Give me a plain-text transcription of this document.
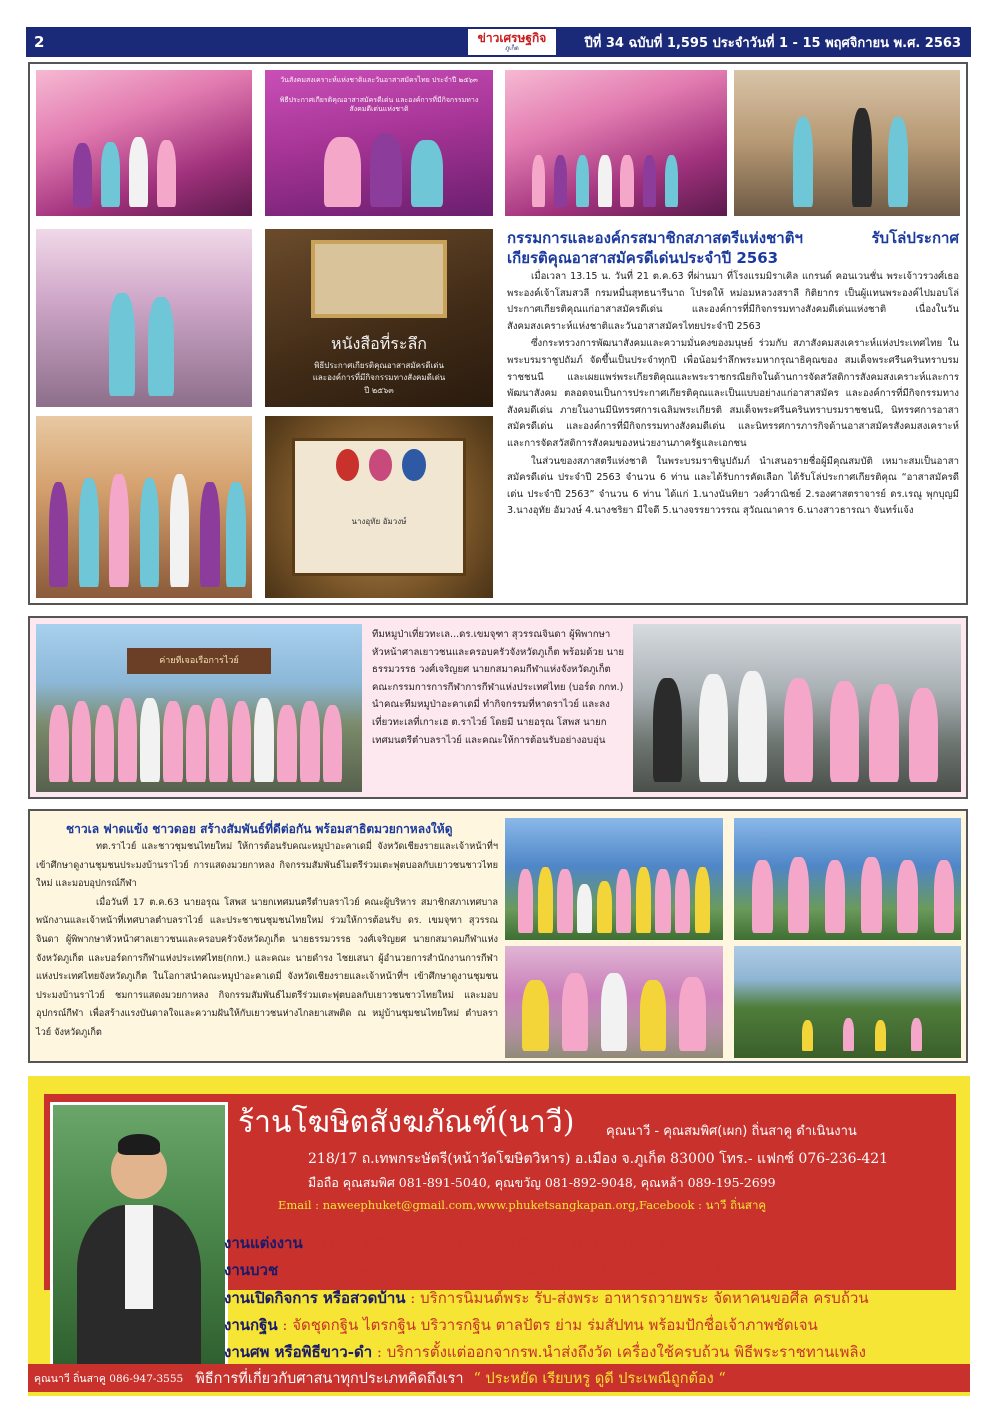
2	ข่าวเศรษฐกิจ
ภูเก็ต	ปีที่ 34 ฉบับที่ 1,595 ประจำวันที่ 1 - 15 พฤศจิกายน พ.ศ. 2563
วันสังคมสงเคราะห์แห่งชาติและวันอาสาสมัครไทย ประจำปี ๒๕๖๓
พิธีประกาศเกียรติคุณอาสาสมัครดีเด่น และองค์การที่มีกิจกรรมทางสังคมดีเด่นแห่งชาติ
หนังสือที่ระลึก
พิธีประกาศเกียรติคุณอาสาสมัครดีเด่น
และองค์การที่มีกิจกรรมทางสังคมดีเด่น
ปี ๒๕๖๓
นางอุทัย อัมวงษ์
กรรมการและองค์กรสมาชิกสภาสตรีแห่งชาติฯ	รับโล่ประกาศ
เกียรติคุณอาสาสมัครดีเด่นประจำปี 2563

เมื่อเวลา 13.15 น. วันที่ 21 ต.ค.63 ที่ผ่านมา ที่โรงแรมมิราเคิล แกรนด์ คอนเวนชั่น พระเจ้าวรวงศ์เธอ พระองค์เจ้าโสมสวลี กรมหมื่นสุทธนารีนาถ โปรดให้ หม่อมหลวงสราลี กิติยากร เป็นผู้แทนพระองค์ไปมอบโล่ประกาศเกียรติคุณแก่อาสาสมัครดีเด่น และองค์การที่มีกิจกรรมทางสังคมดีเด่นแห่งชาติ เนื่องในวันสังคมสงเคราะห์แห่งชาติและวันอาสาสมัครไทยประจำปี 2563

ซึ่งกระทรวงการพัฒนาสังคมและความมั่นคงของมนุษย์ ร่วมกับ สภาสังคมสงเคราะห์แห่งประเทศไทย ในพระบรมราชูปถัมภ์ จัดขึ้นเป็นประจำทุกปี เพื่อน้อมรำลึกพระมหากรุณาธิคุณของ สมเด็จพระศรีนครินทราบรมราชชนนี และเผยแพร่พระเกียรติคุณและพระราชกรณียกิจในด้านการจัดสวัสดิการสังคมสงเคราะห์และการพัฒนาสังคม ตลอดจนเป็นการประกาศเกียรติคุณและเป็นแบบอย่างแก่อาสาสมัคร และองค์การที่มีกิจกรรมทางสังคมดีเด่น ภายในงานมีนิทรรศการเฉลิมพระเกียรติ สมเด็จพระศรีนครินทราบรมราชชนนี, นิทรรศการอาสาสมัครดีเด่น และองค์การที่มีกิจกรรมทางสังคมดีเด่น และนิทรรศการภารกิจด้านอาสาสมัครสังคมสงเคราะห์ และการจัดสวัสดิการสังคมของหน่วยงานภาครัฐและเอกชน

ในส่วนของสภาสตรีแห่งชาติ ในพระบรมราชินูปถัมภ์ นำเสนอรายชื่อผู้มีคุณสมบัติ เหมาะสมเป็นอาสาสมัครดีเด่น ประจำปี 2563 จำนวน 6 ท่าน และได้รับการคัดเลือก ได้รับโล่ประกาศเกียรติคุณ “อาสาสมัครดีเด่น ประจำปี 2563” จำนวน 6 ท่าน ได้แก่ 1.นางนันทิยา วงศ์วาณิชย์ 2.รองศาสตราจารย์ ดร.เรณู พุกบุญมี 3.นางอุทัย อัมวงษ์ 4.นางชริยา มีใจดี 5.นางจรรยาวรรณ สุวัณณาคาร 6.นางสาวธารณา จันทร์แจ้ง

ค่ายทีเจอเรือการไวย์
ทีมหมูป่าเที่ยวทะเล...ดร.เขมจุฑา สุวรรณจินดา ผู้พิพากษาหัวหน้าศาลเยาวชนและครอบครัวจังหวัดภูเก็ต พร้อมด้วย นายธรรมวรรธ วงศ์เจริญยศ นายกสมาคมกีฬาแห่งจังหวัดภูเก็ต คณะกรรมการการกีฬาการกีฬาแห่งประเทศไทย (บอร์ด กกท.) นำคณะทีมหมูป่าอะคาเดมี่ ทำกิจกรรมที่หาดราไวย์ และลงเที่ยวทะเลที่เกาะเฮ ต.ราไวย์ โดยมี นายอรุณ โสพส นายกเทศมนตรีตำบลราไวย์ และคณะให้การต้อนรับอย่างอบอุ่น
ชาวเล ฟาดแข้ง ชาวดอย สร้างสัมพันธ์ที่ดีต่อกัน พร้อมสาธิตมวยกาหลงให้ดู

ทต.ราไวย์ และชาวชุมชนไทยใหม่ ให้การต้อนรับคณะหมูป่าอะคาเดมี่ จังหวัดเชียงรายและเจ้าหน้าที่ฯ เข้าศึกษาดูงานชุมชนประมงบ้านราไวย์ การแสดงมวยกาหลง กิจกรรมสัมพันธ์ไมตรีร่วมเตะฟุตบอลกับเยาวชนชาวไทยใหม่ และมอบอุปกรณ์กีฬา

เมื่อวันที่ 17 ต.ค.63 นายอรุณ โสพส นายกเทศมนตรีตำบลราไวย์ คณะผู้บริหาร สมาชิกสภาเทศบาล พนักงานและเจ้าหน้าที่เทศบาลตำบลราไวย์ และประชาชนชุมชนไทยใหม่ ร่วมให้การต้อนรับ ดร. เขมจุฑา สุวรรณจินดา ผู้พิพากษาหัวหน้าศาลเยาวชนและครอบครัวจังหวัดภูเก็ต นายธรรมวรรธ วงศ์เจริญยศ นายกสมาคมกีฬาแห่งจังหวัดภูเก็ต และบอร์ดการกีฬาแห่งประเทศไทย(กกท.) และคณะ นายดำรง ไชยเสนา ผู้อำนวยการสำนักงานการกีฬาแห่งประเทศไทยจังหวัดภูเก็ต ในโอกาสนำคณะหมูป่าอะคาเดมี่ จังหวัดเชียงรายและเจ้าหน้าที่ฯ เข้าศึกษาดูงานชุมชนประมงบ้านราไวย์ ชมการแสดงมวยกาหลง กิจกรรมสัมพันธ์ไมตรีร่วมเตะฟุตบอลกับเยาวชนชาวไทยใหม่ และมอบอุปกรณ์กีฬา เพื่อสร้างแรงบันดาลใจและความฝันให้กับเยาวชนห่างไกลยาเสพติด ณ หมู่บ้านชุมชนไทยใหม่ ตำบลราไวย์ จังหวัดภูเก็ต

ร้านโฆษิตสังฆภัณฑ์(นาวี) คุณนาวี - คุณสมพิศ(เผก) ถิ่นสาคู ดำเนินงาน
218/17 ถ.เทพกระษัตรี(หน้าวัดโฆษิตวิหาร) อ.เมือง จ.ภูเก็ต 83000 โทร.- แฟกซ์ 076-236-421
มือถือ คุณสมพิศ 081-891-5040, คุณขวัญ 081-892-9048, คุณหล้า 089-195-2699
Email : naweephuket@gmail.com,www.phuketsangkapan.org,Facebook : นาวี ถิ่นสาคู
งานแต่งงาน : บริการ พิธีแห่ขันหมาก พิธีสู่ขอ พิธีหมั้น พิธีรดน้ำสังข์ พิธีเจริญพระพุทธมนต์
งานบวช : จัดชุดบวชครบชุด บริขาร ๘ ไตรจีวรสำหรับมหานิกาย และธรรมยุติ
งานเปิดกิจการ หรือสวดบ้าน : บริการนิมนต์พระ รับ-ส่งพระ อาหารถวายพระ จัดหาคนขอศีล ครบถ้วน
งานกฐิน : จัดชุดกฐิน ไตรกฐิน บริวารกฐิน ตาลปัตร ย่าม ร่มสัปทน พร้อมปักชื่อเจ้าภาพชัดเจน
งานศพ หรือพิธีขาว-ดำ : บริการตั้งแต่ออกจากรพ.นำส่งถึงวัด เครื่องใช้ครบถ้วน พิธีพระราชทานเพลิง
คุณนาวี ถิ่นสาคู 086-947-3555 พิธีการที่เกี่ยวกับศาสนาทุกประเภทคิดถึงเรา “ ประหยัด เรียบหรู ดูดี ประเพณีถูกต้อง “
